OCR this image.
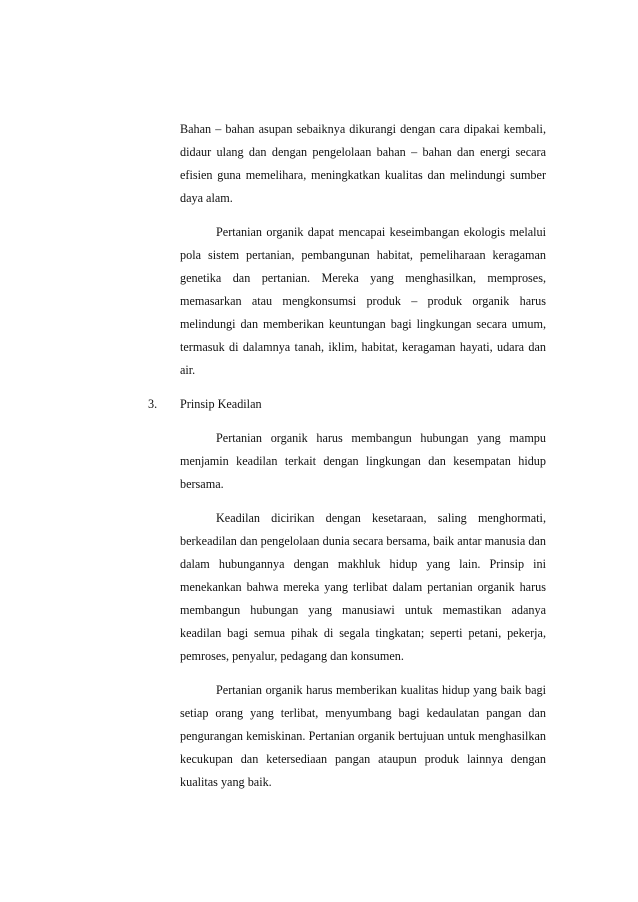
Bahan – bahan asupan sebaiknya dikurangi dengan cara dipakai kembali, didaur ulang dan dengan pengelolaan bahan – bahan dan energi secara efisien guna memelihara, meningkatkan kualitas dan melindungi sumber daya alam.

Pertanian organik dapat mencapai keseimbangan ekologis melalui pola sistem pertanian, pembangunan habitat, pemeliharaan keragaman genetika dan pertanian. Mereka yang menghasilkan, memproses, memasarkan atau mengkonsumsi produk – produk organik harus melindungi dan memberikan keuntungan bagi lingkungan secara umum, termasuk di dalamnya tanah, iklim, habitat, keragaman hayati, udara dan air.

3. Prinsip Keadilan

Pertanian organik harus membangun hubungan yang mampu menjamin keadilan terkait dengan lingkungan dan kesempatan hidup bersama.

Keadilan dicirikan dengan kesetaraan, saling menghormati, berkeadilan dan pengelolaan dunia secara bersama, baik antar manusia dan dalam hubungannya dengan makhluk hidup yang lain. Prinsip ini menekankan bahwa mereka yang terlibat dalam pertanian organik harus membangun hubungan yang manusiawi untuk memastikan adanya keadilan bagi semua pihak di segala tingkatan; seperti petani, pekerja, pemroses, penyalur, pedagang dan konsumen.

Pertanian organik harus memberikan kualitas hidup yang baik bagi setiap orang yang terlibat, menyumbang bagi kedaulatan pangan dan pengurangan kemiskinan. Pertanian organik bertujuan untuk menghasilkan kecukupan dan ketersediaan pangan ataupun produk lainnya dengan kualitas yang baik.
